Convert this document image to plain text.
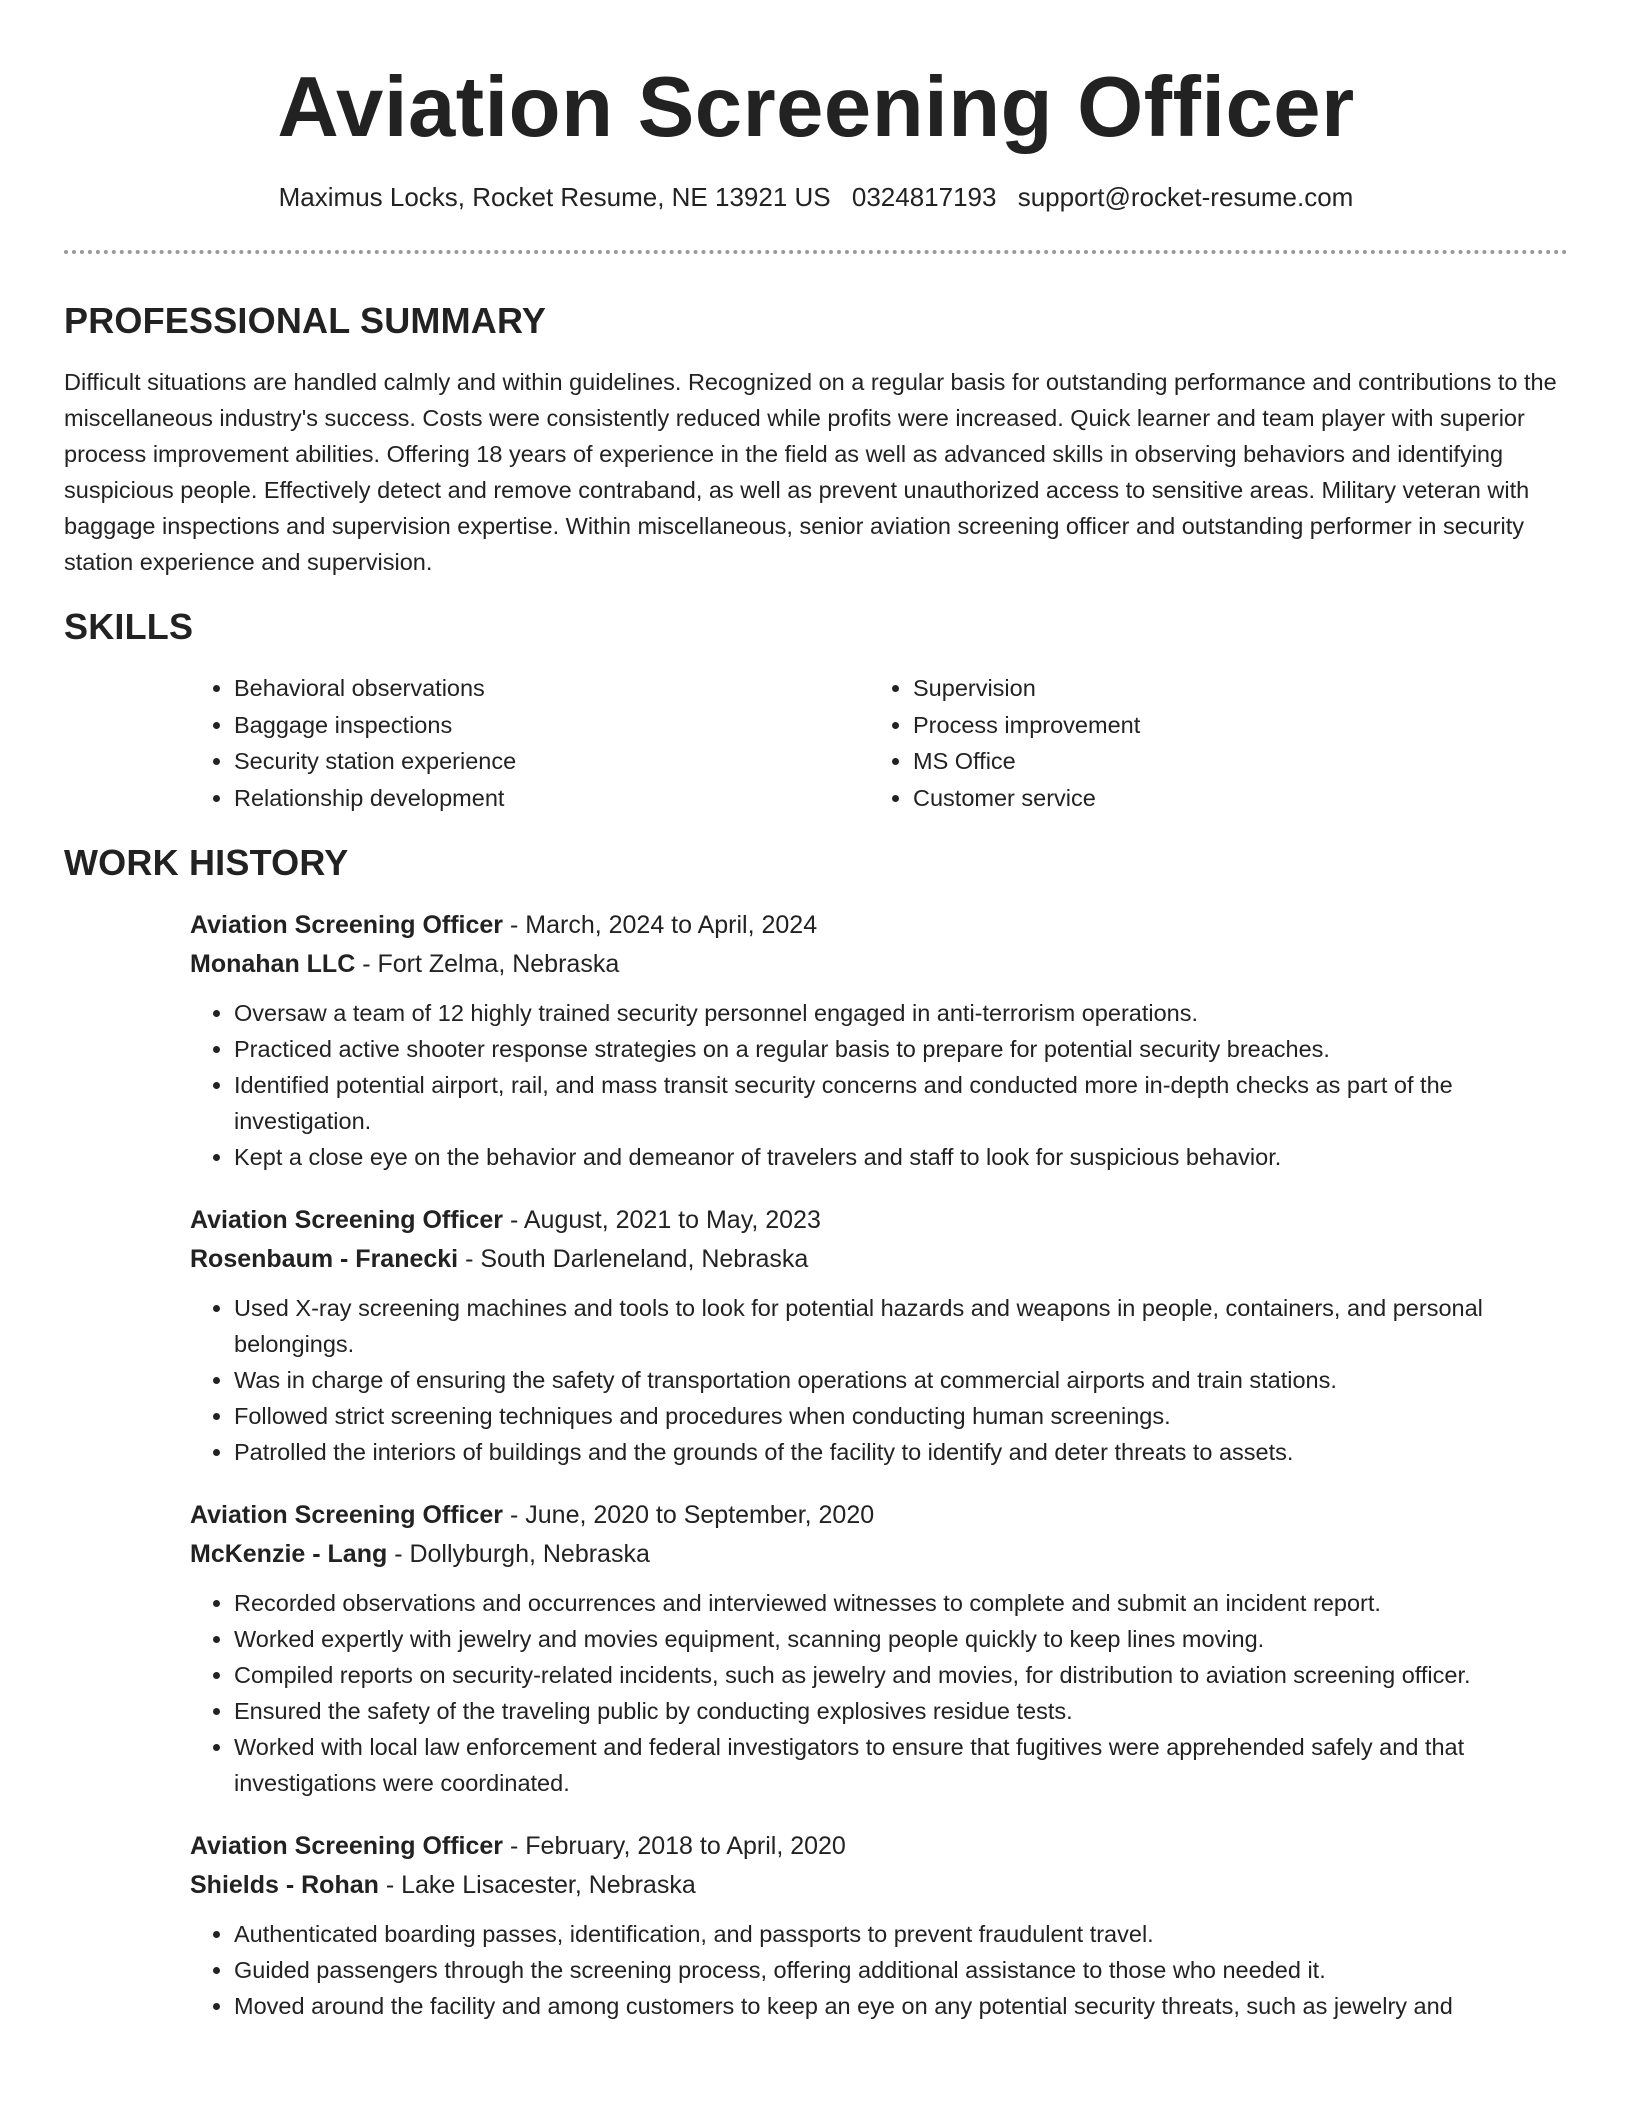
Aviation Screening Officer
Maximus Locks, Rocket Resume, NE 13921 US 0324817193 support@rocket-resume.com
PROFESSIONAL SUMMARY

Difficult situations are handled calmly and within guidelines. Recognized on a regular basis for outstanding performance and contributions to the miscellaneous industry's success. Costs were consistently reduced while profits were increased. Quick learner and team player with superior process improvement abilities. Offering 18 years of experience in the field as well as advanced skills in observing behaviors and identifying suspicious people. Effectively detect and remove contraband, as well as prevent unauthorized access to sensitive areas. Military veteran with baggage inspections and supervision expertise. Within miscellaneous, senior aviation screening officer and outstanding performer in security station experience and supervision.

SKILLS
• Behavioral observations
• Baggage inspections
• Security station experience
• Relationship development
• Supervision
• Process improvement
• MS Office
• Customer service
WORK HISTORY
Aviation Screening Officer - March, 2024 to April, 2024
Monahan LLC - Fort Zelma, Nebraska
• Oversaw a team of 12 highly trained security personnel engaged in anti-terrorism operations.
• Practiced active shooter response strategies on a regular basis to prepare for potential security breaches.
• Identified potential airport, rail, and mass transit security concerns and conducted more in-depth checks as part of the investigation.
• Kept a close eye on the behavior and demeanor of travelers and staff to look for suspicious behavior.
Aviation Screening Officer - August, 2021 to May, 2023
Rosenbaum - Franecki - South Darleneland, Nebraska
• Used X-ray screening machines and tools to look for potential hazards and weapons in people, containers, and personal belongings.
• Was in charge of ensuring the safety of transportation operations at commercial airports and train stations.
• Followed strict screening techniques and procedures when conducting human screenings.
• Patrolled the interiors of buildings and the grounds of the facility to identify and deter threats to assets.
Aviation Screening Officer - June, 2020 to September, 2020
McKenzie - Lang - Dollyburgh, Nebraska
• Recorded observations and occurrences and interviewed witnesses to complete and submit an incident report.
• Worked expertly with jewelry and movies equipment, scanning people quickly to keep lines moving.
• Compiled reports on security-related incidents, such as jewelry and movies, for distribution to aviation screening officer.
• Ensured the safety of the traveling public by conducting explosives residue tests.
• Worked with local law enforcement and federal investigators to ensure that fugitives were apprehended safely and that investigations were coordinated.
Aviation Screening Officer - February, 2018 to April, 2020
Shields - Rohan - Lake Lisacester, Nebraska
• Authenticated boarding passes, identification, and passports to prevent fraudulent travel.
• Guided passengers through the screening process, offering additional assistance to those who needed it.
• Moved around the facility and among customers to keep an eye on any potential security threats, such as jewelry and
